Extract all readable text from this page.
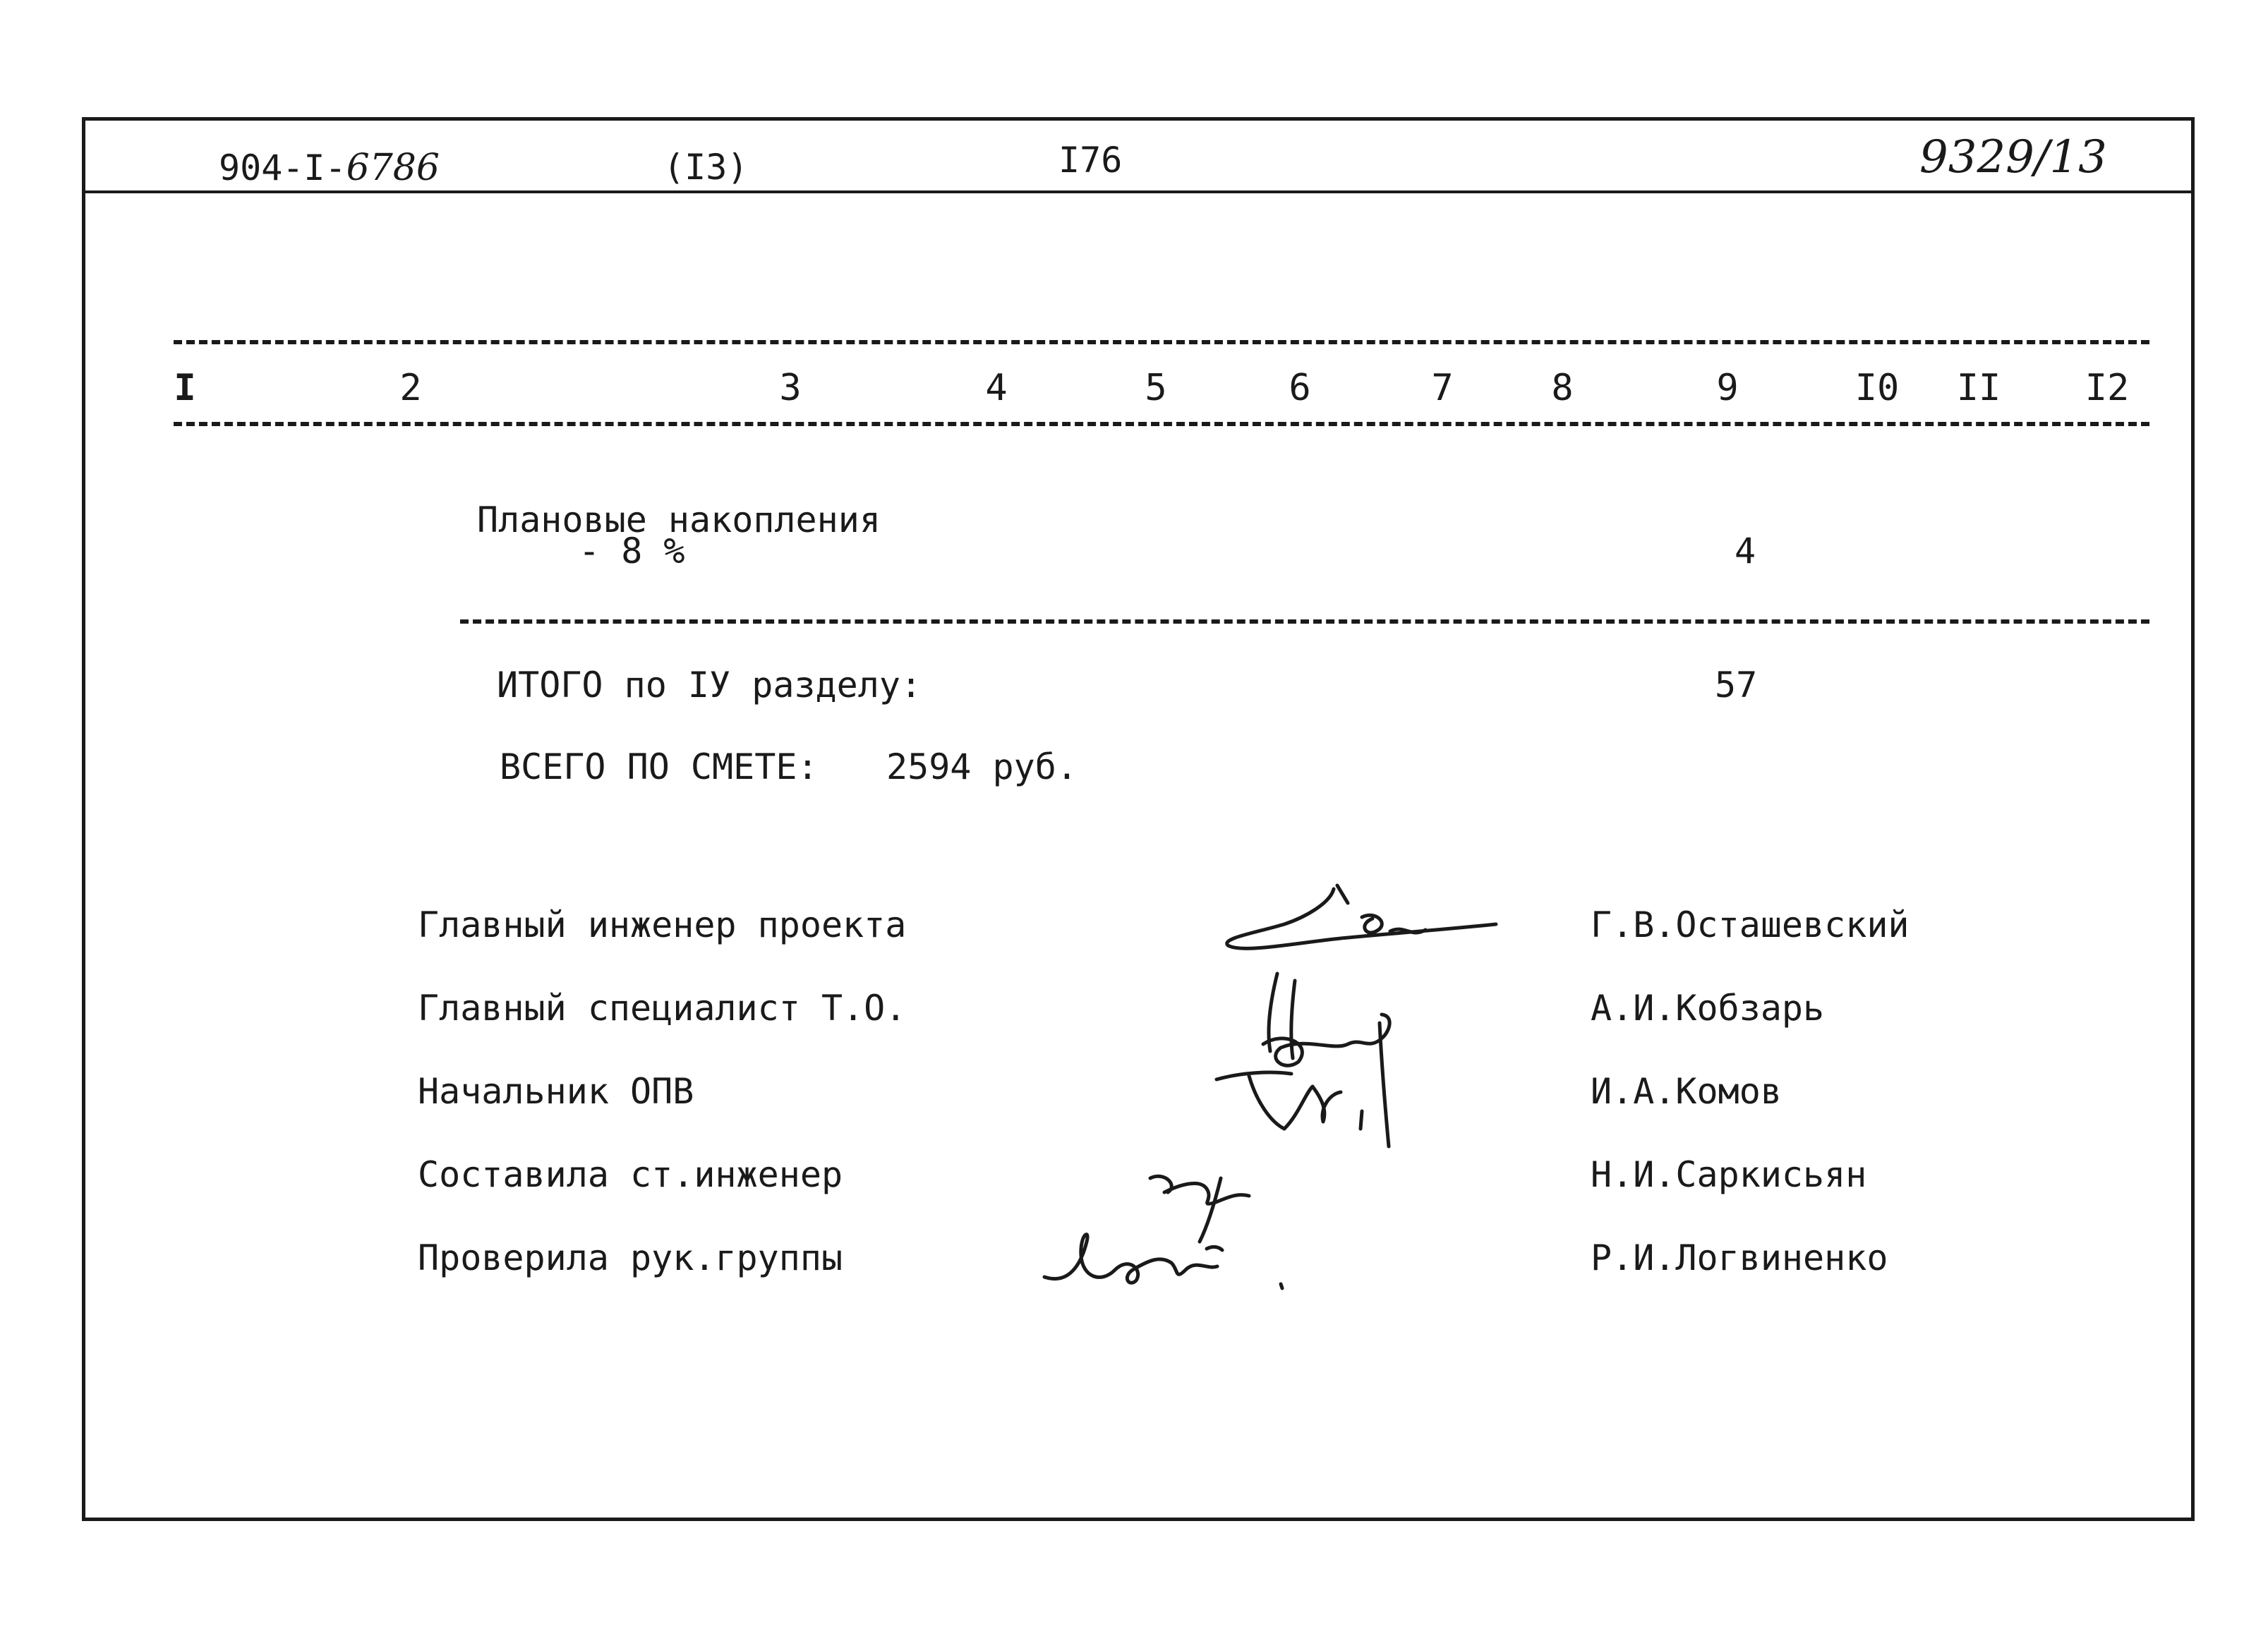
904-I-6786	(I3)	I76	9329/13
I	2	3	4	5	6	7	8	9	I0 II I2
Плановые накопления
- 8 %	4
ИТОГО по IУ разделу:	57
ВСЕГО ПО СМЕТЕ: 2594 руб.
Главный инженер проекта	Г.В.Осташевский
Главный специалист Т.О.	А.И.Кобзарь
Начальник ОПВ	И.А.Комов
Составила ст.инженер	Н.И.Саркисьян
Проверила рук.группы	Р.И.Логвиненко
